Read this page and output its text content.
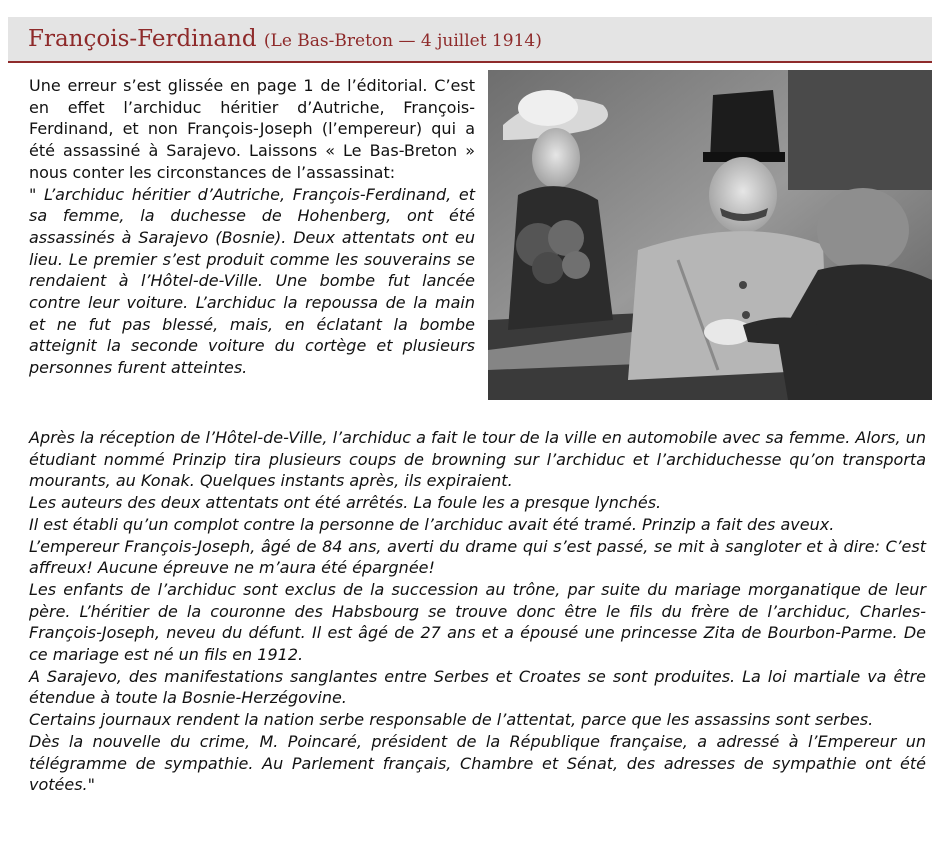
François-Ferdinand (Le Bas-Breton — 4 juillet 1914)

Une erreur s’est glissée en page 1 de l’éditorial. C’est en effet l’archiduc héritier d’Autriche, François-Ferdinand, et non François-Joseph (l’empereur) qui a été assassiné à Sarajevo. Laissons « Le Bas-Breton » nous conter les circonstances de l’assassinat:

" L’archiduc héritier d’Autriche, François-Ferdinand, et sa femme, la duchesse de Hohenberg, ont été assassinés à Sarajevo (Bosnie). Deux attentats ont eu lieu. Le premier s’est produit comme les souverains se rendaient à l’Hôtel-de-Ville. Une bombe fut lancée contre leur voiture. L’archiduc la repoussa de la main et ne fut pas blessé, mais, en éclatant la bombe atteignit la seconde voiture du cortège et plusieurs personnes furent atteintes.

Après la réception de l’Hôtel-de-Ville, l’archiduc a fait le tour de la ville en automobile avec sa femme. Alors, un étudiant nommé Prinzip tira plusieurs coups de browning sur l’archiduc et l’archiduchesse qu’on transporta mourants, au Konak. Quelques instants après, ils expiraient.

Les auteurs des deux attentats ont été arrêtés. La foule les a presque lynchés.

Il est établi qu’un complot contre la personne de l’archiduc avait été tramé. Prinzip a fait des aveux.

L’empereur François-Joseph, âgé de 84 ans, averti du drame qui s’est passé, se mit à sangloter et à dire: C’est affreux! Aucune épreuve ne m’aura été épargnée!

Les enfants de l’archiduc sont exclus de la succession au trône, par suite du mariage morganatique de leur père. L’héritier de la couronne des Habsbourg se trouve donc être le fils du frère de l’archiduc, Charles-François-Joseph, neveu du défunt. Il est âgé de 27 ans et a épousé une princesse Zita de Bourbon-Parme. De ce mariage est né un fils en 1912.

A Sarajevo, des manifestations sanglantes entre Serbes et Croates se sont produites. La loi martiale va être étendue à toute la Bosnie-Herzégovine.

Certains journaux rendent la nation serbe responsable de l’attentat, parce que les assassins sont serbes.

Dès la nouvelle du crime, M. Poincaré, président de la République française, a adressé à l’Empereur un télégramme de sympathie. Au Parlement français, Chambre et Sénat, des adresses de sympathie ont été votées."
